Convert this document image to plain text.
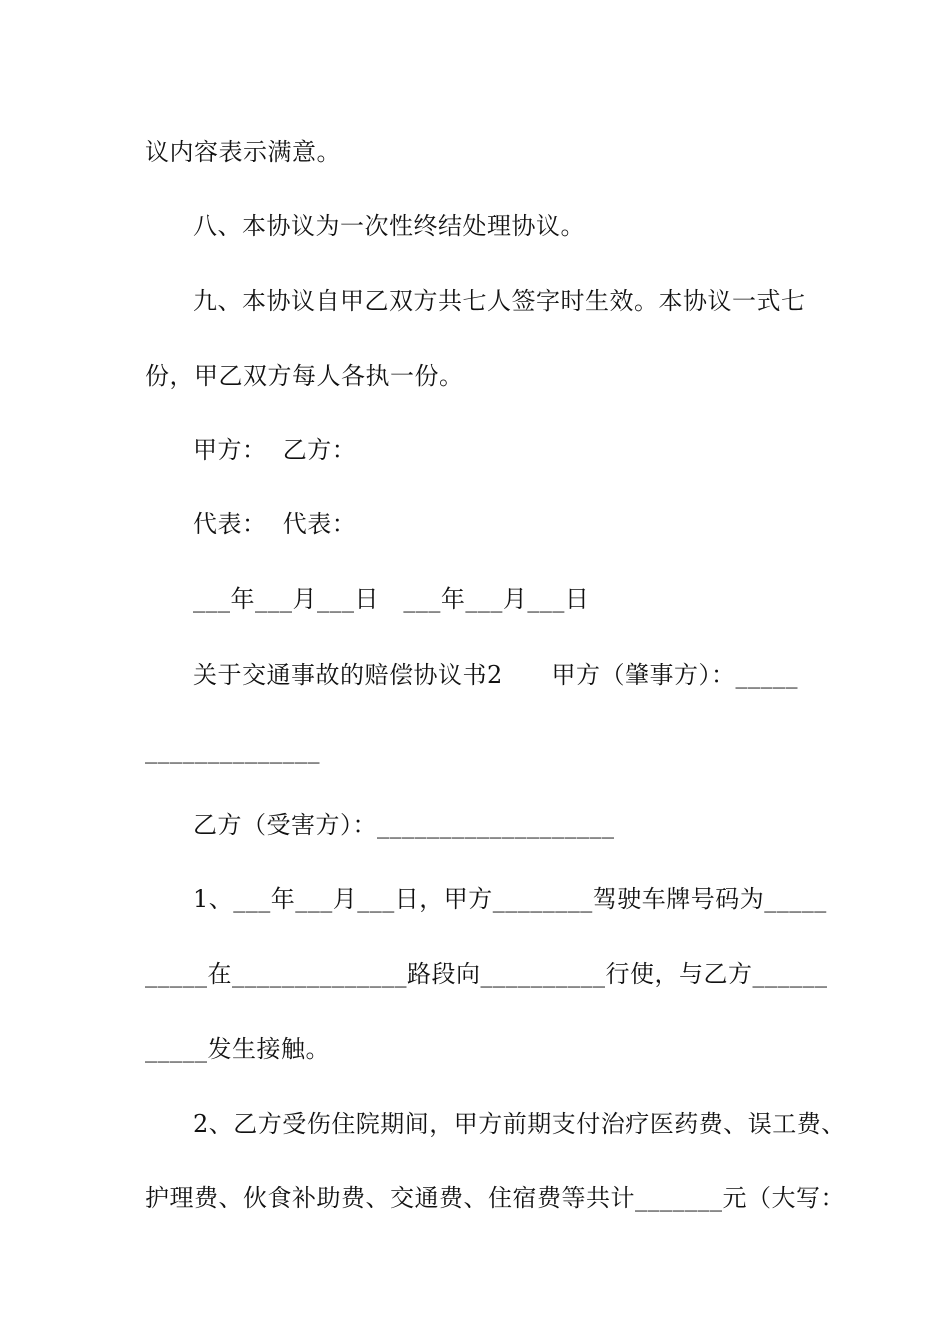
议内容表示满意。
八、本协议为一次性终结处理协议。
九、本协议自甲乙双方共七人签字时生效。本协议一式七
份，甲乙双方每人各执一份。
甲方：  乙方：
代表：  代表：
___年___月___日   ___年___月___日
关于交通事故的赔偿协议书2      甲方（肇事方）：_____
______________
乙方（受害方）：___________________
1、___年___月___日，甲方________驾驶车牌号码为_____
_____在______________路段向__________行使，与乙方______
_____发生接触。
2、乙方受伤住院期间，甲方前期支付治疗医药费、误工费、
护理费、伙食补助费、交通费、住宿费等共计_______元（大写：
